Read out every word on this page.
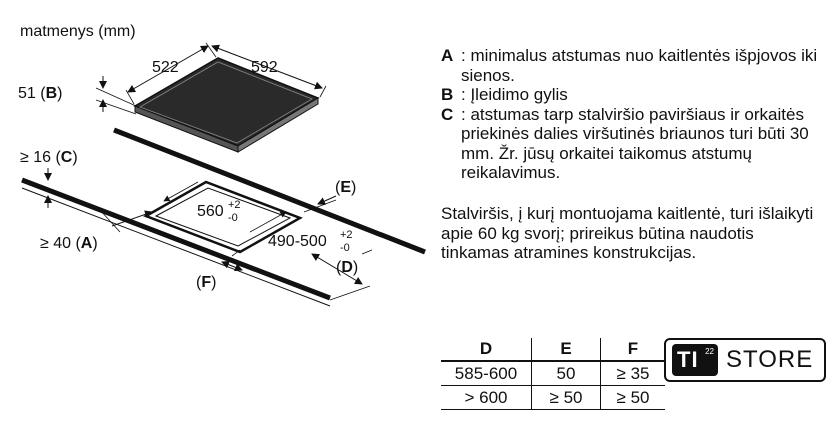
matmenys (mm)
522	592
51 (B)
560 +2
-0
490-500 +2
-0
(E)
(D)
(F)
≥ 16 (C)
≥ 40 (A)
A : minimalus atstumas nuo kaitlentės išpjovos iki sienos.
B : Įleidimo gylis
C : atstumas tarp stalviršio paviršiaus ir orkaitės priekinės dalies viršutinės briaunos turi būti 30 mm. Žr. jūsų orkaitei taikomus atstumų reikalavimus.
Stalviršis, į kurį montuojama kaitlentė, turi išlaikyti apie 60 kg svorį; prireikus būtina naudotis tinkamas atramines konstrukcijas.
D	E	F
585-600	50	≥ 35
> 600	≥ 50	≥ 50
TI 22 STORE
